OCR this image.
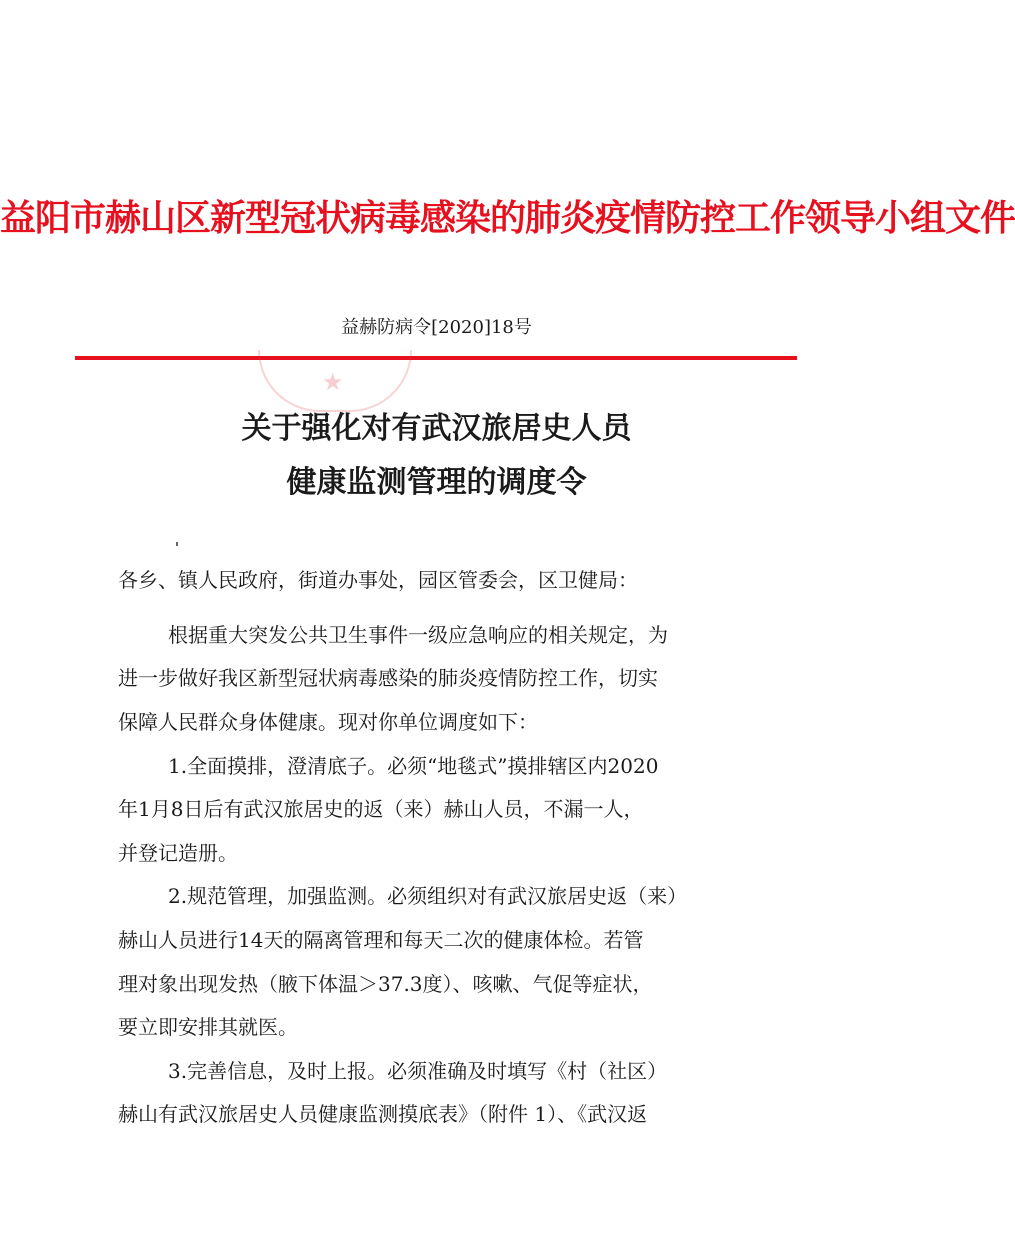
益阳市赫山区新型冠状病毒感染的肺炎疫情防控工作领导小组文件
益赫防病令[2020]18号
★
关于强化对有武汉旅居史人员
健康监测管理的调度令
各乡、镇人民政府，街道办事处，园区管委会，区卫健局：
根据重大突发公共卫生事件一级应急响应的相关规定，为
进一步做好我区新型冠状病毒感染的肺炎疫情防控工作，切实
保障人民群众身体健康。现对你单位调度如下：
1.全面摸排，澄清底子。必须“地毯式”摸排辖区内2020
年1月8日后有武汉旅居史的返（来）赫山人员，不漏一人，
并登记造册。
2.规范管理，加强监测。必须组织对有武汉旅居史返（来）
赫山人员进行14天的隔离管理和每天二次的健康体检。若管
理对象出现发热（腋下体温＞37.3度）、咳嗽、气促等症状，
要立即安排其就医。
3.完善信息，及时上报。必须准确及时填写《村（社区）
赫山有武汉旅居史人员健康监测摸底表》（附件 1）、《武汉返
